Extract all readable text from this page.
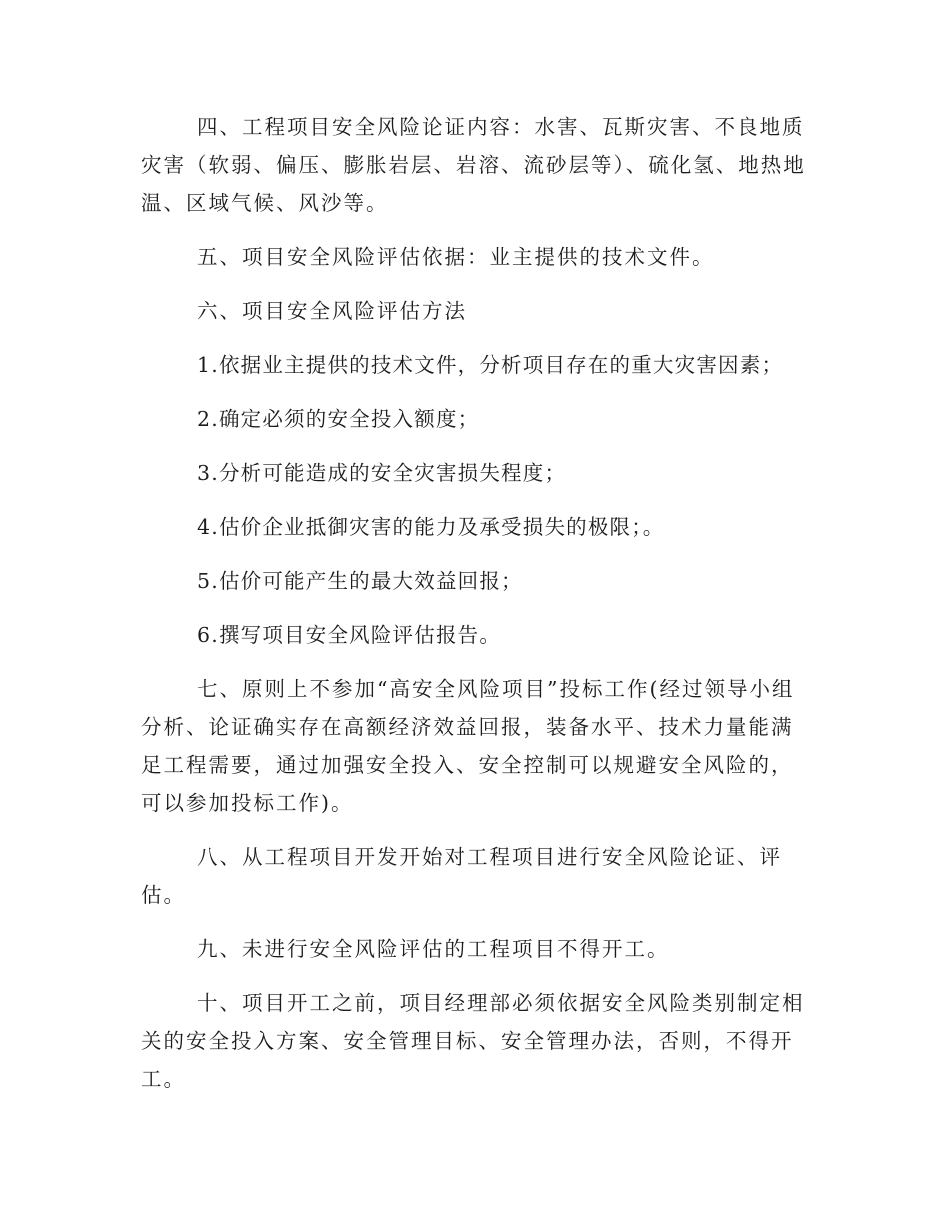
四、工程项目安全风险论证内容：水害、瓦斯灾害、不良地质灾害（软弱、偏压、膨胀岩层、岩溶、流砂层等）、硫化氢、地热地温、区域气候、风沙等。

五、项目安全风险评估依据：业主提供的技术文件。

六、项目安全风险评估方法

1.依据业主提供的技术文件，分析项目存在的重大灾害因素；

2.确定必须的安全投入额度；

3.分析可能造成的安全灾害损失程度；

4.估价企业抵御灾害的能力及承受损失的极限；。

5.估价可能产生的最大效益回报；

6.撰写项目安全风险评估报告。

七、原则上不参加“高安全风险项目”投标工作(经过领导小组分析、论证确实存在高额经济效益回报，装备水平、技术力量能满足工程需要，通过加强安全投入、安全控制可以规避安全风险的，可以参加投标工作)。

八、从工程项目开发开始对工程项目进行安全风险论证、评估。

九、未进行安全风险评估的工程项目不得开工。

十、项目开工之前，项目经理部必须依据安全风险类别制定相关的安全投入方案、安全管理目标、安全管理办法，否则，不得开工。
